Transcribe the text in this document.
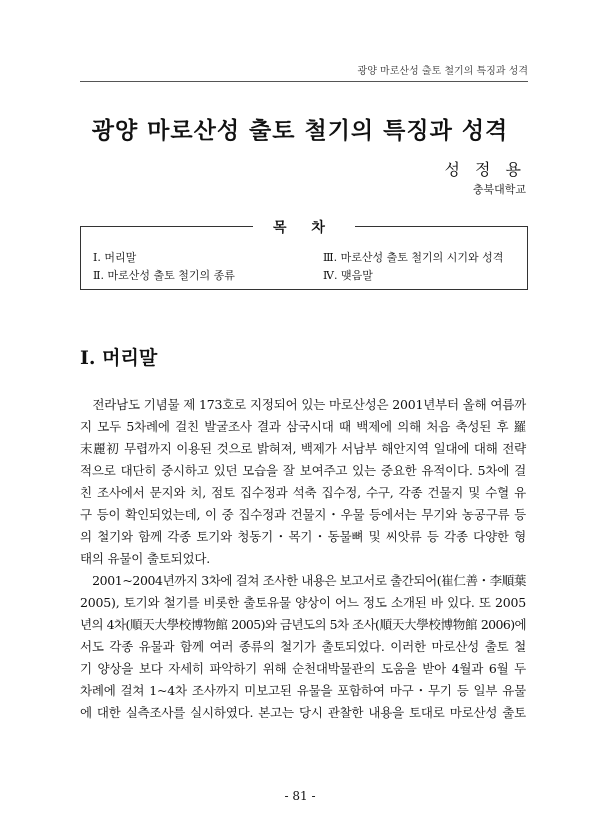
광양 마로산성 출토 철기의 특징과 성격
광양 마로산성 출토 철기의 특징과 성격
성 정 용
충북대학교
목 차
Ⅰ. 머리말
Ⅱ. 마로산성 출토 철기의 종류
Ⅲ. 마로산성 출토 철기의 시기와 성격
Ⅳ. 맺음말
Ⅰ. 머리말
　전라남도 기념물 제 173호로 지정되어 있는 마로산성은 2001년부터 올해 여름까
지 모두 5차례에 걸친 발굴조사 결과 삼국시대 때 백제에 의해 처음 축성된 후 羅
末麗初 무렵까지 이용된 것으로 밝혀져, 백제가 서남부 해안지역 일대에 대해 전략
적으로 대단히 중시하고 있던 모습을 잘 보여주고 있는 중요한 유적이다. 5차에 걸
친 조사에서 문지와 치, 점토 집수정과 석축 집수정, 수구, 각종 건물지 및 수혈 유
구 등이 확인되었는데, 이 중 집수정과 건물지・우물 등에서는 무기와 농공구류 등
의 철기와 함께 각종 토기와 청동기・목기・동물뼈 및 씨앗류 등 각종 다양한 형
태의 유물이 출토되었다.
　2001~2004년까지 3차에 걸쳐 조사한 내용은 보고서로 출간되어(崔仁善・李順葉
2005), 토기와 철기를 비롯한 출토유물 양상이 어느 정도 소개된 바 있다. 또 2005
년의 4차(順天大學校博物館 2005)와 금년도의 5차 조사(順天大學校博物館 2006)에
서도 각종 유물과 함께 여러 종류의 철기가 출토되었다. 이러한 마로산성 출토 철
기 양상을 보다 자세히 파악하기 위해 순천대박물관의 도움을 받아 4월과 6월 두
차례에 걸쳐 1~4차 조사까지 미보고된 유물을 포함하여 마구・무기 등 일부 유물
에 대한 실측조사를 실시하였다. 본고는 당시 관찰한 내용을 토대로 마로산성 출토
- 81 -
